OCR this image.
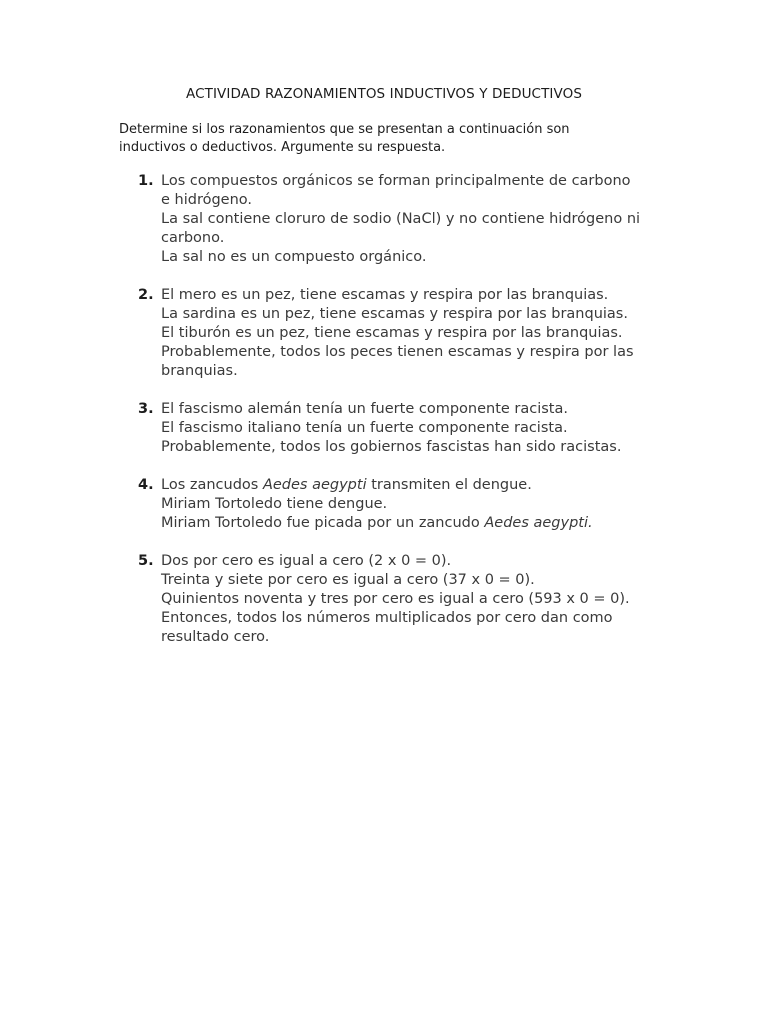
ACTIVIDAD RAZONAMIENTOS INDUCTIVOS Y DEDUCTIVOS
Determine si los razonamientos que se presentan a continuación son
inductivos o deductivos. Argumente su respuesta.
1. Los compuestos orgánicos se forman principalmente de carbono
e hidrógeno.
La sal contiene cloruro de sodio (NaCl) y no contiene hidrógeno ni
carbono.
La sal no es un compuesto orgánico.
2. El mero es un pez, tiene escamas y respira por las branquias.
La sardina es un pez, tiene escamas y respira por las branquias.
El tiburón es un pez, tiene escamas y respira por las branquias.
Probablemente, todos los peces tienen escamas y respira por las
branquias.
3. El fascismo alemán tenía un fuerte componente racista.
El fascismo italiano tenía un fuerte componente racista.
Probablemente, todos los gobiernos fascistas han sido racistas.
4. Los zancudos Aedes aegypti transmiten el dengue.
Miriam Tortoledo tiene dengue.
Miriam Tortoledo fue picada por un zancudo Aedes aegypti.
5. Dos por cero es igual a cero (2 x 0 = 0).
Treinta y siete por cero es igual a cero (37 x 0 = 0).
Quinientos noventa y tres por cero es igual a cero (593 x 0 = 0).
Entonces, todos los números multiplicados por cero dan como
resultado cero.
